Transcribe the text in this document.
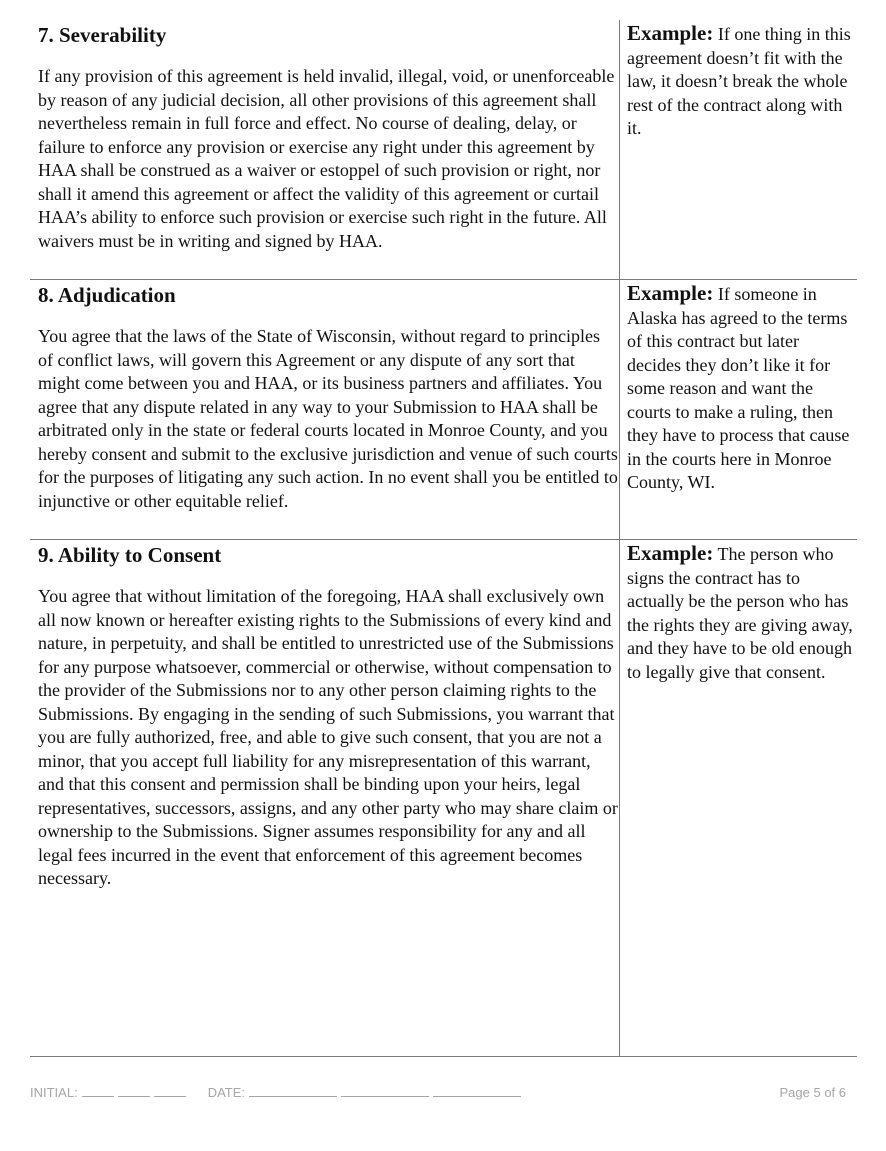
7. Severability

If any provision of this agreement is held invalid, illegal, void, or unenforceable by reason of any judicial decision, all other provisions of this agreement shall nevertheless remain in full force and effect. No course of dealing, delay, or failure to enforce any provision or exercise any right under this agreement by HAA shall be construed as a waiver or estoppel of such provision or right, nor shall it amend this agreement or affect the validity of this agreement or curtail HAA’s ability to enforce such provision or exercise such right in the future. All waivers must be in writing and signed by HAA.

Example: If one thing in this agreement doesn’t fit with the law, it doesn’t break the whole rest of the contract along with it.
8. Adjudication

You agree that the laws of the State of Wisconsin, without regard to principles of conflict laws, will govern this Agreement or any dispute of any sort that might come between you and HAA, or its business partners and affiliates. You agree that any dispute related in any way to your Submission to HAA shall be arbitrated only in the state or federal courts located in Monroe County, and you hereby consent and submit to the exclusive jurisdiction and venue of such courts for the purposes of litigating any such action. In no event shall you be entitled to injunctive or other equitable relief.

Example: If someone in Alaska has agreed to the terms of this contract but later decides they don’t like it for some reason and want the courts to make a ruling, then they have to process that cause in the courts here in Monroe County, WI.
9. Ability to Consent

You agree that without limitation of the foregoing, HAA shall exclusively own all now known or hereafter existing rights to the Submissions of every kind and nature, in perpetuity, and shall be entitled to unrestricted use of the Submissions for any purpose whatsoever, commercial or otherwise, without compensation to the provider of the Submissions nor to any other person claiming rights to the Submissions. By engaging in the sending of such Submissions, you warrant that you are fully authorized, free, and able to give such consent, that you are not a minor, that you accept full liability for any misrepresentation of this warrant, and that this consent and permission shall be binding upon your heirs, legal representatives, successors, assigns, and any other party who may share claim or ownership to the Submissions. Signer assumes responsibility for any and all legal fees incurred in the event that enforcement of this agreement becomes necessary.

Example: The person who signs the contract has to actually be the person who has the rights they are giving away, and they have to be old enough to legally give that consent.
INITIAL:	DATE:	Page 5 of 6
